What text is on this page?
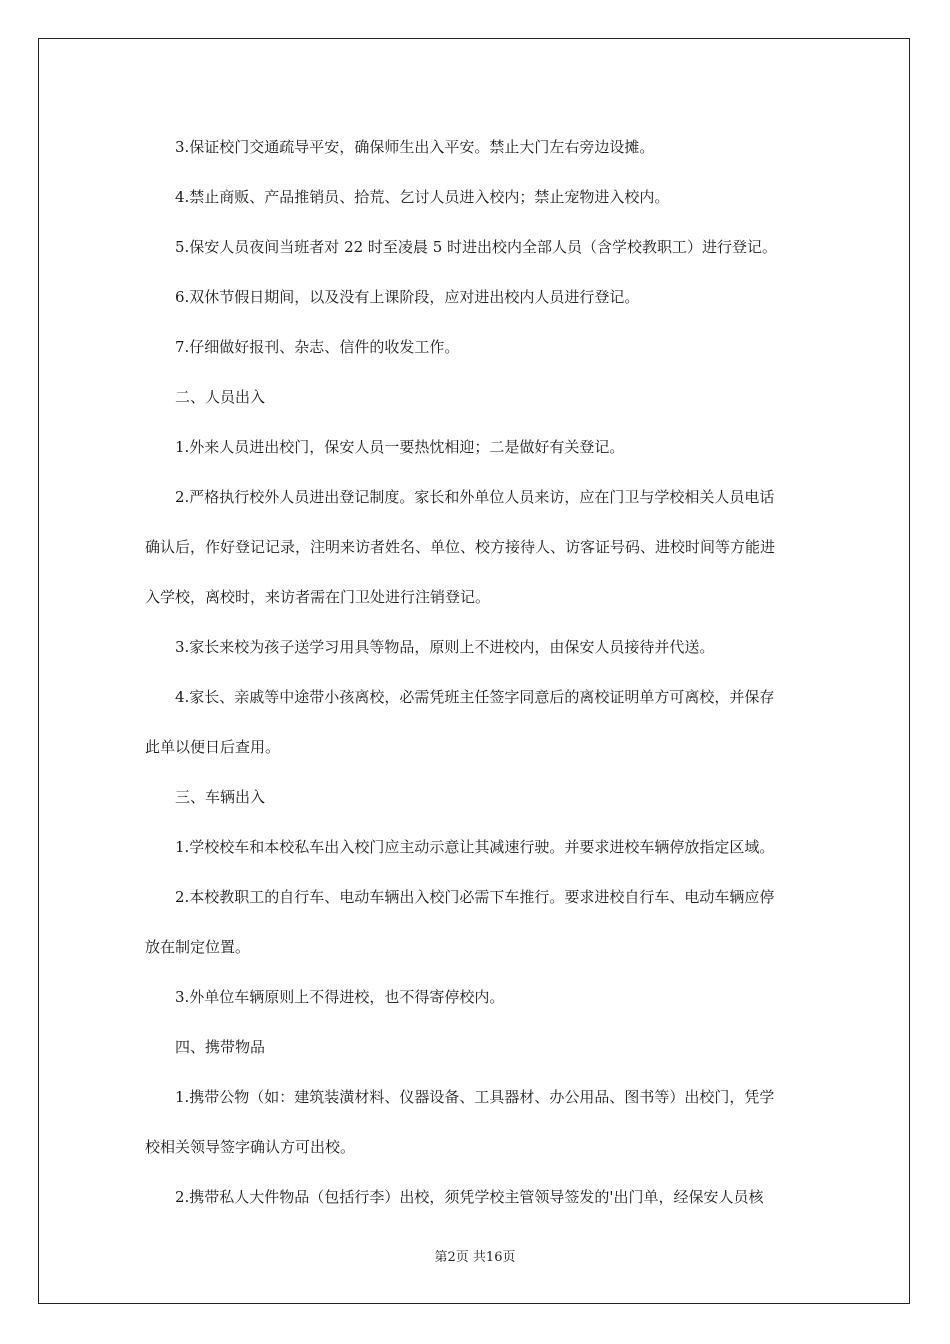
3.保证校门交通疏导平安，确保师生出入平安。禁止大门左右旁边设摊。
4.禁止商贩、产品推销员、拾荒、乞讨人员进入校内；禁止宠物进入校内。
5.保安人员夜间当班者对 22 时至凌晨 5 时进出校内全部人员（含学校教职工）进行登记。
6.双休节假日期间，以及没有上课阶段，应对进出校内人员进行登记。
7.仔细做好报刊、杂志、信件的收发工作。
二、人员出入
1.外来人员进出校门，保安人员一要热忱相迎；二是做好有关登记。
2.严格执行校外人员进出登记制度。家长和外单位人员来访，应在门卫与学校相关人员电话
确认后，作好登记记录，注明来访者姓名、单位、校方接待人、访客证号码、进校时间等方能进
入学校，离校时，来访者需在门卫处进行注销登记。
3.家长来校为孩子送学习用具等物品，原则上不进校内，由保安人员接待并代送。
4.家长、亲戚等中途带小孩离校，必需凭班主任签字同意后的离校证明单方可离校，并保存
此单以便日后查用。
三、车辆出入
1.学校校车和本校私车出入校门应主动示意让其减速行驶。并要求进校车辆停放指定区域。
2.本校教职工的自行车、电动车辆出入校门必需下车推行。要求进校自行车、电动车辆应停
放在制定位置。
3.外单位车辆原则上不得进校，也不得寄停校内。
四、携带物品
1.携带公物（如：建筑装潢材料、仪器设备、工具器材、办公用品、图书等）出校门，凭学
校相关领导签字确认方可出校。
2.携带私人大件物品（包括行李）出校，须凭学校主管领导签发的'出门单，经保安人员核
第2页 共16页
